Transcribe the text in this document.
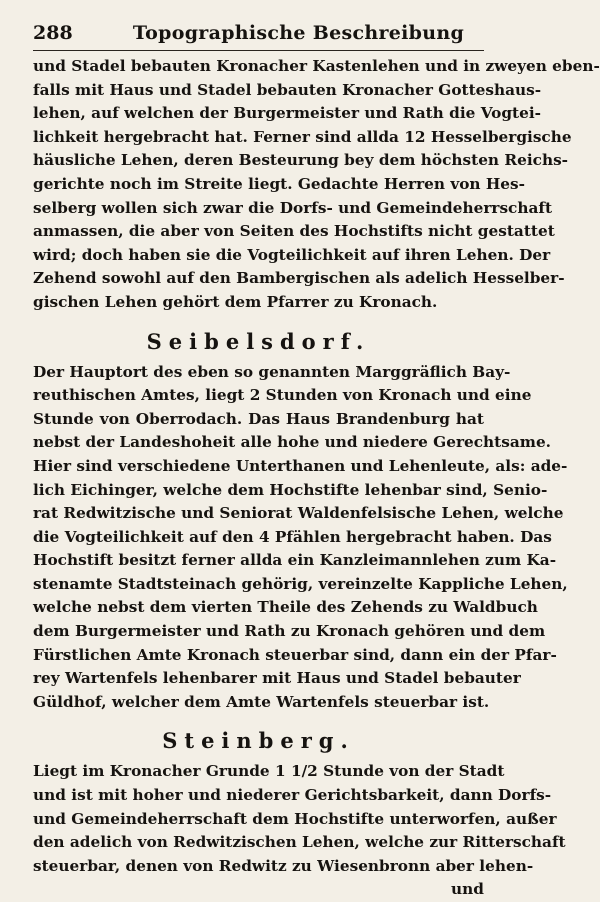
288	Topographische Beschreibung
und Stadel bebauten Kronacher Kastenlehen und in zweyen eben-
falls mit Haus und Stadel bebauten Kronacher Gotteshaus-
lehen, auf welchen der Burgermeister und Rath die Vogtei-
lichkeit hergebracht hat. Ferner sind allda 12 Hesselbergische
häusliche Lehen, deren Besteurung bey dem höchsten Reichs-
gerichte noch im Streite liegt. Gedachte Herren von Hes-
selberg wollen sich zwar die Dorfs- und Gemeindeherrschaft
anmassen, die aber von Seiten des Hochstifts nicht gestattet
wird; doch haben sie die Vogteilichkeit auf ihren Lehen. Der
Zehend sowohl auf den Bambergischen als adelich Hesselber-
gischen Lehen gehört dem Pfarrer zu Kronach.
Seibelsdorf.
Der Hauptort des eben so genannten Marggräflich Bay-
reuthischen Amtes, liegt 2 Stunden von Kronach und eine
Stunde von Oberrodach. Das Haus Brandenburg hat
nebst der Landeshoheit alle hohe und niedere Gerechtsame.
Hier sind verschiedene Unterthanen und Lehenleute, als: ade-
lich Eichinger, welche dem Hochstifte lehenbar sind, Senio-
rat Redwitzische und Seniorat Waldenfelsische Lehen, welche
die Vogteilichkeit auf den 4 Pfählen hergebracht haben. Das
Hochstift besitzt ferner allda ein Kanzleimannlehen zum Ka-
stenamte Stadtsteinach gehörig, vereinzelte Kappliche Lehen,
welche nebst dem vierten Theile des Zehends zu Waldbuch
dem Burgermeister und Rath zu Kronach gehören und dem
Fürstlichen Amte Kronach steuerbar sind, dann ein der Pfar-
rey Wartenfels lehenbarer mit Haus und Stadel bebauter
Güldhof, welcher dem Amte Wartenfels steuerbar ist.
Steinberg.
Liegt im Kronacher Grunde 1 1/2 Stunde von der Stadt
und ist mit hoher und niederer Gerichtsbarkeit, dann Dorfs-
und Gemeindeherrschaft dem Hochstifte unterworfen, außer
den adelich von Redwitzischen Lehen, welche zur Ritterschaft
steuerbar, denen von Redwitz zu Wiesenbronn aber lehen-
und
